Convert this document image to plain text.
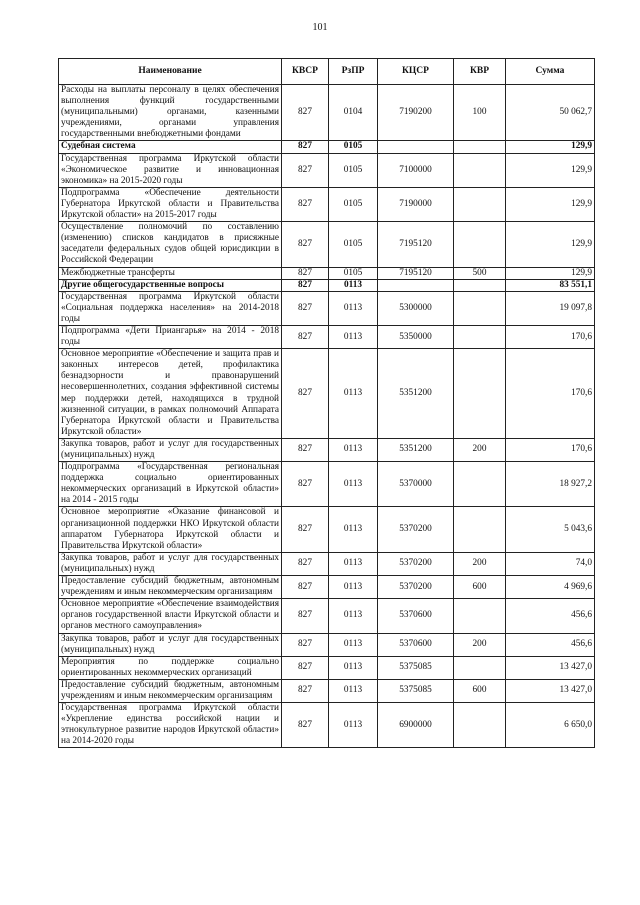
101
Наименование	КВСР	РзПР	КЦСР	КВР	Сумма
Расходы на выплаты персоналу в целях обеспечения выполнения функций государственными (муниципальными) органами, казенными учреждениями, органами управления государственными внебюджетными фондами	827	0104	7190200	100	50 062,7
Судебная система	827	0105			129,9
Государственная программа Иркутской области «Экономическое развитие и инновационная экономика» на 2015-2020 годы	827	0105	7100000		129,9
Подпрограмма «Обеспечение деятельности Губернатора Иркутской области и Правительства Иркутской области» на 2015-2017 годы	827	0105	7190000		129,9
Осуществление полномочий по составлению (изменению) списков кандидатов в присяжные заседатели федеральных судов общей юрисдикции в Российской Федерации	827	0105	7195120		129,9
Межбюджетные трансферты	827	0105	7195120	500	129,9
Другие общегосударственные вопросы	827	0113			83 551,1
Государственная программа Иркутской области «Социальная поддержка населения» на 2014-2018 годы	827	0113	5300000		19 097,8
Подпрограмма «Дети Приангарья» на 2014 - 2018 годы	827	0113	5350000		170,6
Основное мероприятие «Обеспечение и защита прав и законных интересов детей, профилактика безнадзорности и правонарушений несовершеннолетних, создания эффективной системы мер поддержки детей, находящихся в трудной жизненной ситуации, в рамках полномочий Аппарата Губернатора Иркутской области и Правительства Иркутской области»	827	0113	5351200		170,6
Закупка товаров, работ и услуг для государственных (муниципальных) нужд	827	0113	5351200	200	170,6
Подпрограмма «Государственная региональная поддержка социально ориентированных некоммерческих организаций в Иркутской области» на 2014 - 2015 годы	827	0113	5370000		18 927,2
Основное мероприятие «Оказание финансовой и организационной поддержки НКО Иркутской области аппаратом Губернатора Иркутской области и Правительства Иркутской области»	827	0113	5370200		5 043,6
Закупка товаров, работ и услуг для государственных (муниципальных) нужд	827	0113	5370200	200	74,0
Предоставление субсидий бюджетным, автономным учреждениям и иным некоммерческим организациям	827	0113	5370200	600	4 969,6
Основное мероприятие «Обеспечение взаимодействия органов государственной власти Иркутской области и органов местного самоуправления»	827	0113	5370600		456,6
Закупка товаров, работ и услуг для государственных (муниципальных) нужд	827	0113	5370600	200	456,6
Мероприятия по поддержке социально ориентированных некоммерческих организаций	827	0113	5375085		13 427,0
Предоставление субсидий бюджетным, автономным учреждениям и иным некоммерческим организациям	827	0113	5375085	600	13 427,0
Государственная программа Иркутской области «Укрепление единства российской нации и этнокультурное развитие народов Иркутской области» на 2014-2020 годы	827	0113	6900000		6 650,0
